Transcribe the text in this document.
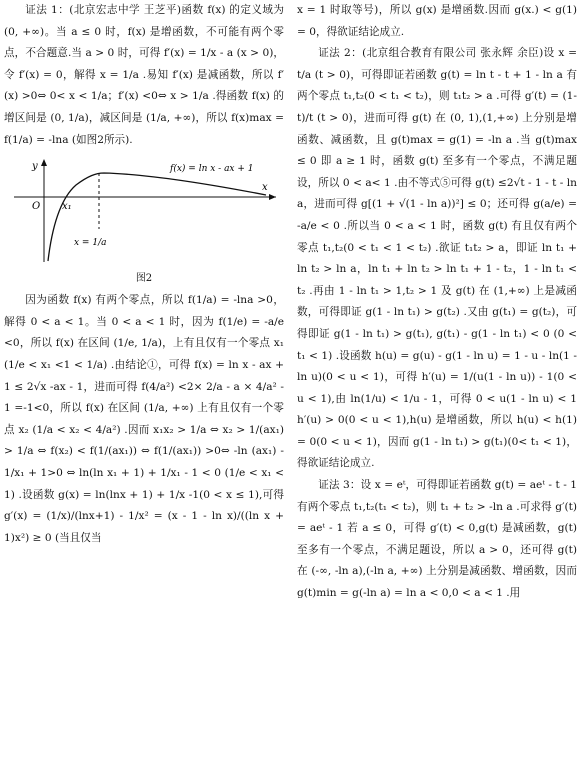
证法 1：(北京宏志中学 王芝平)函数 f(x) 的定义域为(0, +∞)。当 a ≤ 0 时，f(x) 是增函数，不可能有两个零点，不合题意.当 a > 0 时，可得 f′(x) = 1/x - a (x > 0)，令 f′(x) = 0，解得 x = 1/a .易知 f′(x) 是减函数，所以 f′(x) >0⇔ 0< x < 1/a；f′(x) <0⇔ x > 1/a .得函数 f(x) 的增区间是 (0, 1/a)，减区间是 (1/a, +∞)，所以 f(x)max = f(1/a) = -lna (如图2所示).

f(x) = ln x - ax + 1
x
y
O x₁
x = 1/a

图2

因为函数 f(x) 有两个零点，所以 f(1/a) = -lna >0，解得 0 < a < 1。当 0 < a < 1 时，因为 f(1/e) = -a/e <0，所以 f(x) 在区间 (1/e, 1/a)，上有且仅有一个零点 x₁ (1/e < x₁ <1 < 1/a) .由结论①，可得 f(x) = ln x - ax + 1 ≤ 2√x -ax - 1，进而可得 f(4/a²) <2× 2/a - a × 4/a² - 1 =-1<0，所以 f(x) 在区间 (1/a, +∞) 上有且仅有一个零点 x₂ (1/a < x₂ < 4/a²) .因而 x₁x₂ > 1/a ⇔ x₂ > 1/(ax₁) > 1/a ⇔ f(x₂) < f(1/(ax₁)) ⇔ f(1/(ax₁)) >0⇔ -ln (ax₁) - 1/x₁ + 1>0 ⇔ ln(ln x₁ + 1) + 1/x₁ - 1 < 0 (1/e < x₁ < 1) .设函数 g(x) = ln(lnx + 1) + 1/x -1(0 < x ≤ 1),可得 g′(x) = (1/x)/(lnx+1) - 1/x² = (x - 1 - ln x)/((ln x + 1)x²) ≥ 0 (当且仅当

x = 1 时取等号)，所以 g(x) 是增函数.因而 g(x.) < g(1) = 0，得欲证结论成立.

证法 2：(北京组合教育有限公司 张永辉 余臣)设 x = t/a (t > 0)，可得即证若函数 g(t) = ln t - t + 1 - ln a 有两个零点 t₁,t₂(0 < t₁ < t₂)，则 t₁t₂ > a .可得 g′(t) = (1-t)/t (t > 0)，进而可得 g(t) 在 (0, 1),(1,+∞) 上分别是增函数、减函数，且 g(t)max = g(1) = -ln a .当 g(t)max ≤ 0 即 a ≥ 1 时，函数 g(t) 至多有一个零点，不满足题设，所以 0 < a< 1 .由不等式⑤可得 g(t) ≤2√t - 1 - t - ln a，进而可得 g[(1 + √(1 - ln a))²] ≤ 0；还可得 g(a/e) = -a/e < 0 .所以当 0 < a < 1 时，函数 g(t) 有且仅有两个零点 t₁,t₂(0 < t₁ < 1 < t₂) .欲证 t₁t₂ > a，即证 ln t₁ + ln t₂ > ln a，ln t₁ + ln t₂ > ln t₁ + 1 - t₂，1 - ln t₁ < t₂ .再由 1 - ln t₁ > 1,t₂ > 1 及 g(t) 在 (1,+∞) 上是减函数，可得即证 g(1 - ln t₁) > g(t₂) .又由 g(t₁) = g(t₂)，可得即证 g(1 - ln t₁) > g(t₁), g(t₁) - g(1 - ln t₁) < 0 (0 < t₁ < 1) .设函数 h(u) = g(u) - g(1 - ln u) = 1 - u - ln(1 - ln u)(0 < u < 1)，可得 h′(u) = 1/(u(1 - ln u)) - 1(0 < u < 1),由 ln(1/u) < 1/u - 1，可得 0 < u(1 - ln u) < 1 h′(u) > 0(0 < u < 1),h(u) 是增函数，所以 h(u) < h(1) = 0(0 < u < 1)，因而 g(1 - ln t₁) > g(t₁)(0< t₁ < 1)，得欲证结论成立.

证法 3：设 x = eᵗ，可得即证若函数 g(t) = aeᵗ - t - 1 有两个零点 t₁,t₂(t₁ < t₂)，则 t₁ + t₂ > -ln a .可求得 g′(t) = aeᵗ - 1 若 a ≤ 0，可得 g′(t) < 0,g(t) 是减函数，g(t) 至多有一个零点，不满足题设，所以 a > 0，还可得 g(t) 在 (-∞, -ln a),(-ln a, +∞) 上分别是减函数、增函数，因而 g(t)min = g(-ln a) = ln a < 0,0 < a < 1 .用
